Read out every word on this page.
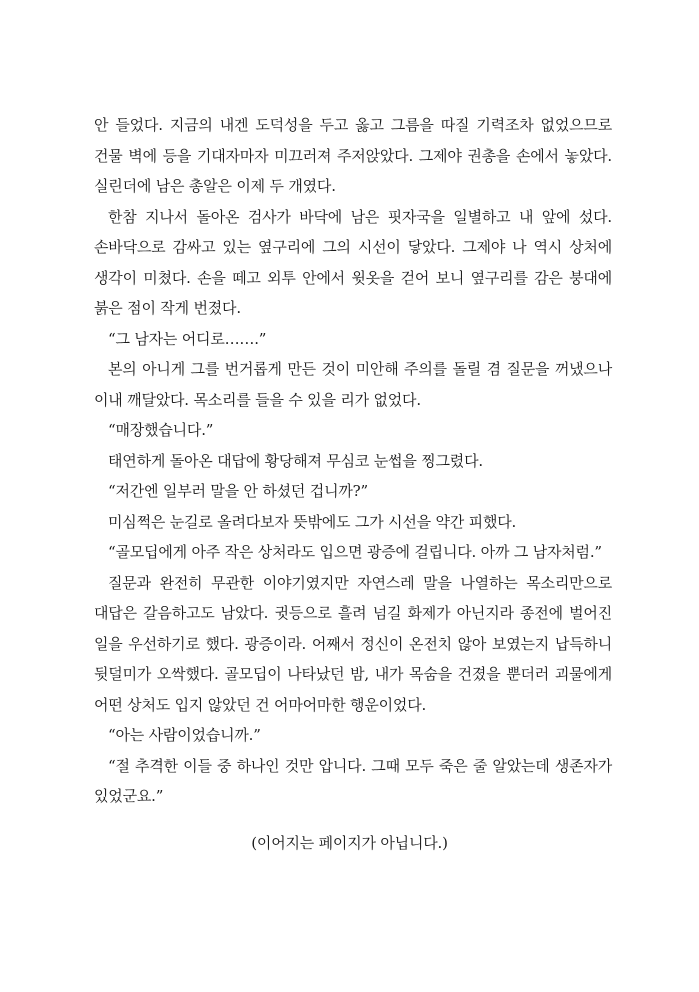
안 들었다. 지금의 내겐 도덕성을 두고 옳고 그름을 따질 기력조차 없었으므로 건물 벽에 등을 기대자마자 미끄러져 주저앉았다. 그제야 권총을 손에서 놓았다. 실린더에 남은 총알은 이제 두 개였다.

한참 지나서 돌아온 검사가 바닥에 남은 핏자국을 일별하고 내 앞에 섰다. 손바닥으로 감싸고 있는 옆구리에 그의 시선이 닿았다. 그제야 나 역시 상처에 생각이 미쳤다. 손을 떼고 외투 안에서 윗옷을 걷어 보니 옆구리를 감은 붕대에 붉은 점이 작게 번졌다.

“그 남자는 어디로…….”

본의 아니게 그를 번거롭게 만든 것이 미안해 주의를 돌릴 겸 질문을 꺼냈으나 이내 깨달았다. 목소리를 들을 수 있을 리가 없었다.

“매장했습니다.”

태연하게 돌아온 대답에 황당해져 무심코 눈썹을 찡그렸다.

“저간엔 일부러 말을 안 하셨던 겁니까?”

미심쩍은 눈길로 올려다보자 뜻밖에도 그가 시선을 약간 피했다.

“골모딥에게 아주 작은 상처라도 입으면 광증에 걸립니다. 아까 그 남자처럼.”

질문과 완전히 무관한 이야기였지만 자연스레 말을 나열하는 목소리만으로 대답은 갈음하고도 남았다. 귓등으로 흘려 넘길 화제가 아닌지라 종전에 벌어진 일을 우선하기로 했다. 광증이라. 어째서 정신이 온전치 않아 보였는지 납득하니 뒷덜미가 오싹했다. 골모딥이 나타났던 밤, 내가 목숨을 건졌을 뿐더러 괴물에게 어떤 상처도 입지 않았던 건 어마어마한 행운이었다.

“아는 사람이었습니까.”

“절 추격한 이들 중 하나인 것만 압니다. 그때 모두 죽은 줄 알았는데 생존자가 있었군요.”

(이어지는 페이지가 아닙니다.)
